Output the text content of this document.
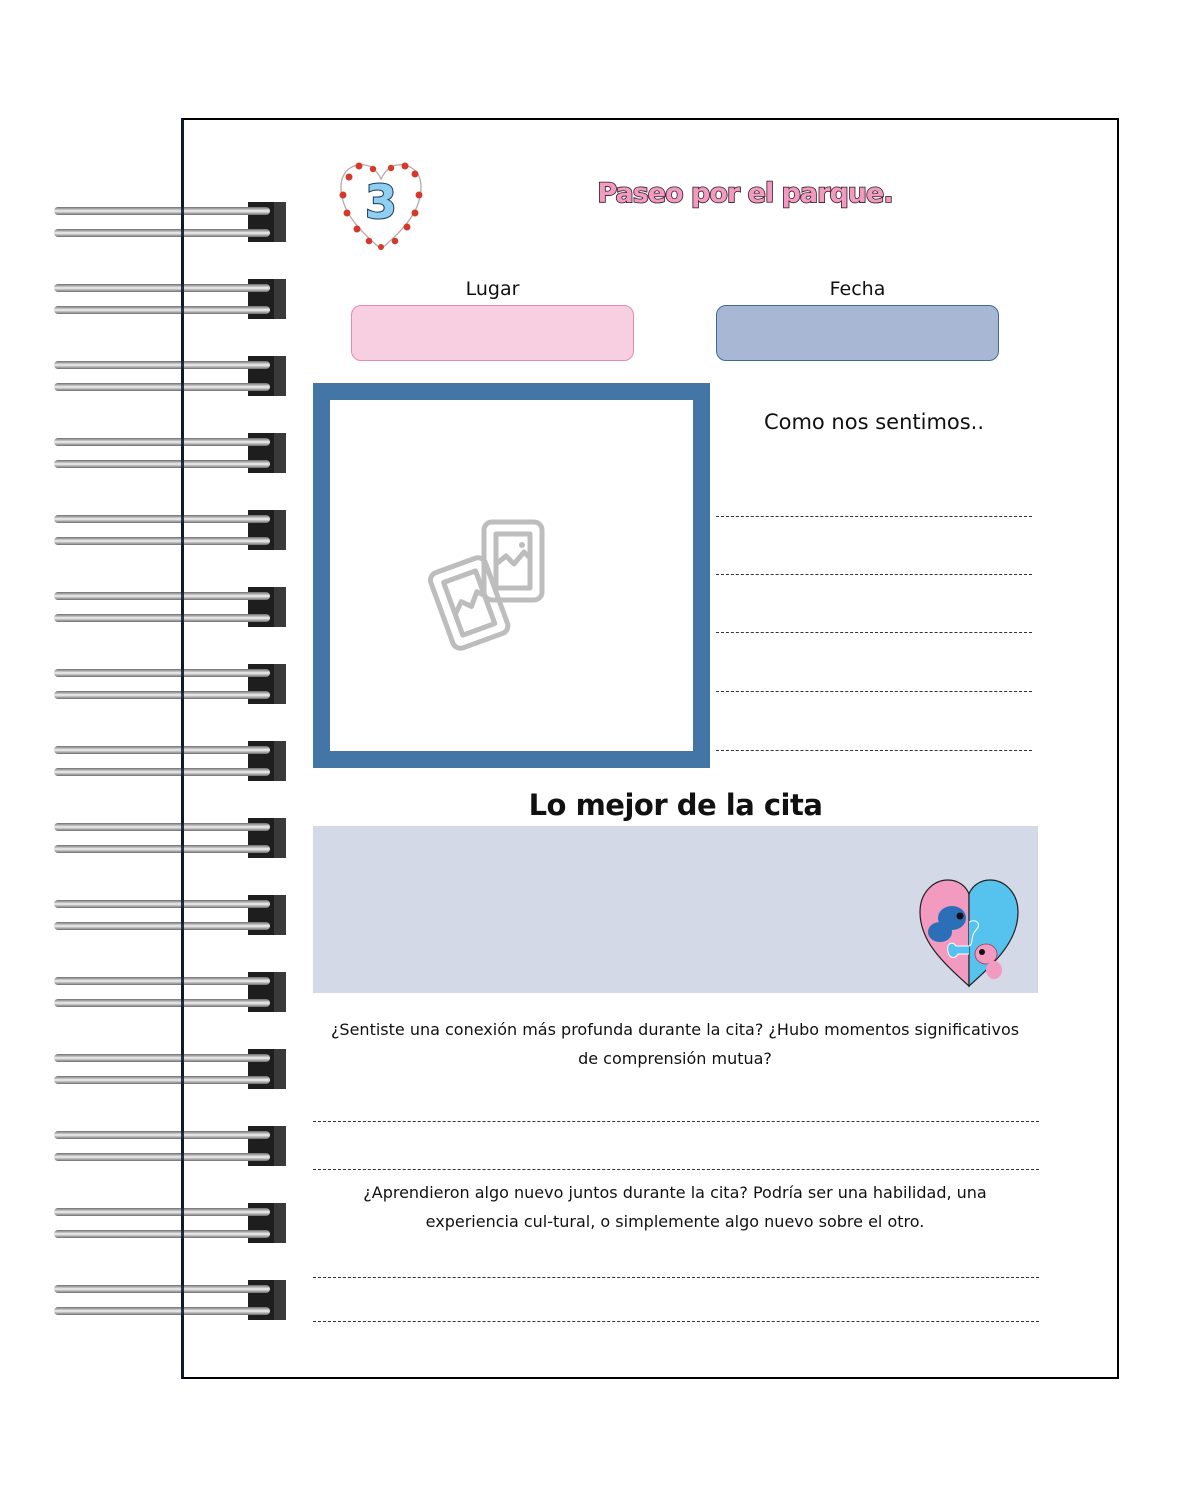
3	Paseo por el parque.
Lugar	Fecha
Como nos sentimos..
Lo mejor de la cita
¿Sentiste una conexión más profunda durante la cita? ¿Hubo momentos significativos de comprensión mutua?
¿Aprendieron algo nuevo juntos durante la cita? Podría ser una habilidad, una experiencia cul-tural, o simplemente algo nuevo sobre el otro.
